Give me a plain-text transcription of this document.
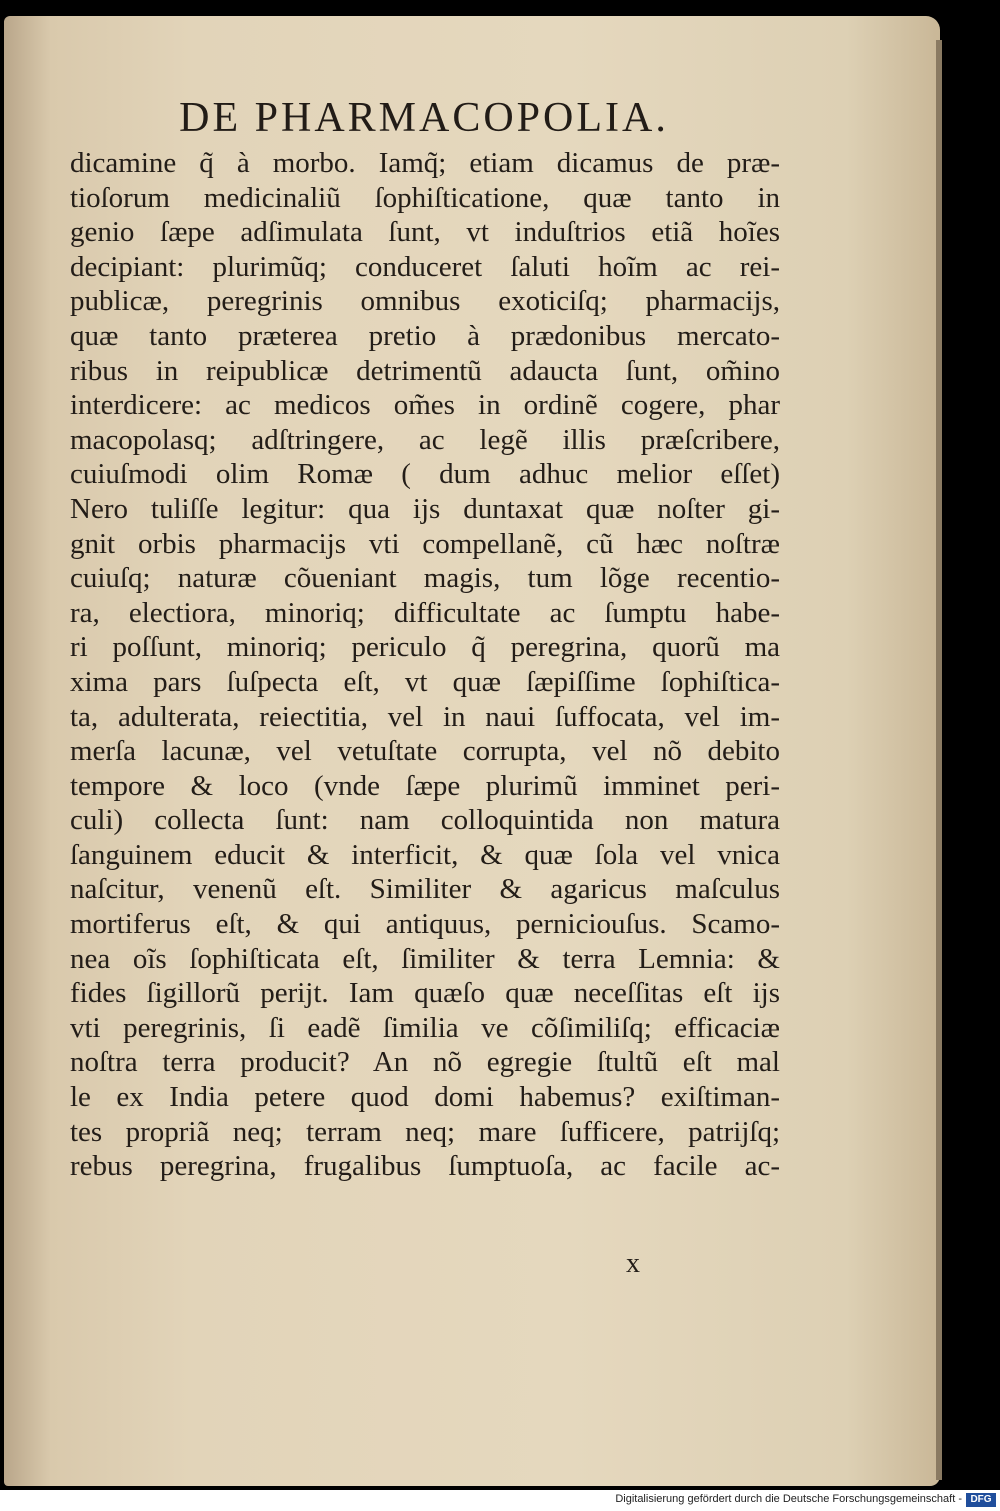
DE PHARMACOPOLIA.
dicamine q̃ à morbo. Iamq̃; etiam dicamus de præ-
tioſorum medicinaliũ ſophiſticatione, quæ tanto in
genio ſæpe adſimulata ſunt, vt induſtrios etiã hoĩes
decipiant: plurimũq; conduceret ſaluti hoĩm ac rei-
publicæ, peregrinis omnibus exoticiſq; pharmacijs,
quæ tanto præterea pretio à prædonibus mercato-
ribus in reipublicæ detrimentũ adaucta ſunt, om̃ino
interdicere: ac medicos om̃es in ordinẽ cogere, phar
macopolasq; adſtringere, ac legẽ illis præſcribere,
cuiuſmodi olim Romæ ( dum adhuc melior eſſet)
Nero tuliſſe legitur: qua ijs duntaxat quæ noſter gi-
gnit orbis pharmacijs vti compellanẽ, cũ hæc noſtræ
cuiuſq; naturæ cõueniant magis, tum lõge recentio-
ra, electiora, minoriq; difficultate ac ſumptu habe-
ri poſſunt, minoriq; periculo q̃ peregrina, quorũ ma
xima pars ſuſpecta eſt, vt quæ ſæpiſſime ſophiſtica-
ta, adulterata, reiectitia, vel in naui ſuffocata, vel im-
merſa lacunæ, vel vetuſtate corrupta, vel nõ debito
tempore & loco (vnde ſæpe plurimũ imminet peri-
culi) collecta ſunt: nam colloquintida non matura
ſanguinem educit & interficit, & quæ ſola vel vnica
naſcitur, venenũ eſt. Similiter & agaricus maſculus
mortiferus eſt, & qui antiquus, perniciouſus. Scamo-
nea oĩs ſophiſticata eſt, ſimiliter & terra Lemnia: &
fides ſigillorũ perijt. Iam quæſo quæ neceſſitas eſt ijs
vti peregrinis, ſi eadẽ ſimilia ve cõſimiliſq; efficaciæ
noſtra terra producit? An nõ egregie ſtultũ eſt mal
le ex India petere quod domi habemus? exiſtiman-
tes propriã neq; terram neq; mare ſufficere, patrijſq;
rebus peregrina, frugalibus ſumptuoſa, ac facile ac-
x
Digitalisierung gefördert durch die Deutsche Forschungsgemeinschaft - DFG
